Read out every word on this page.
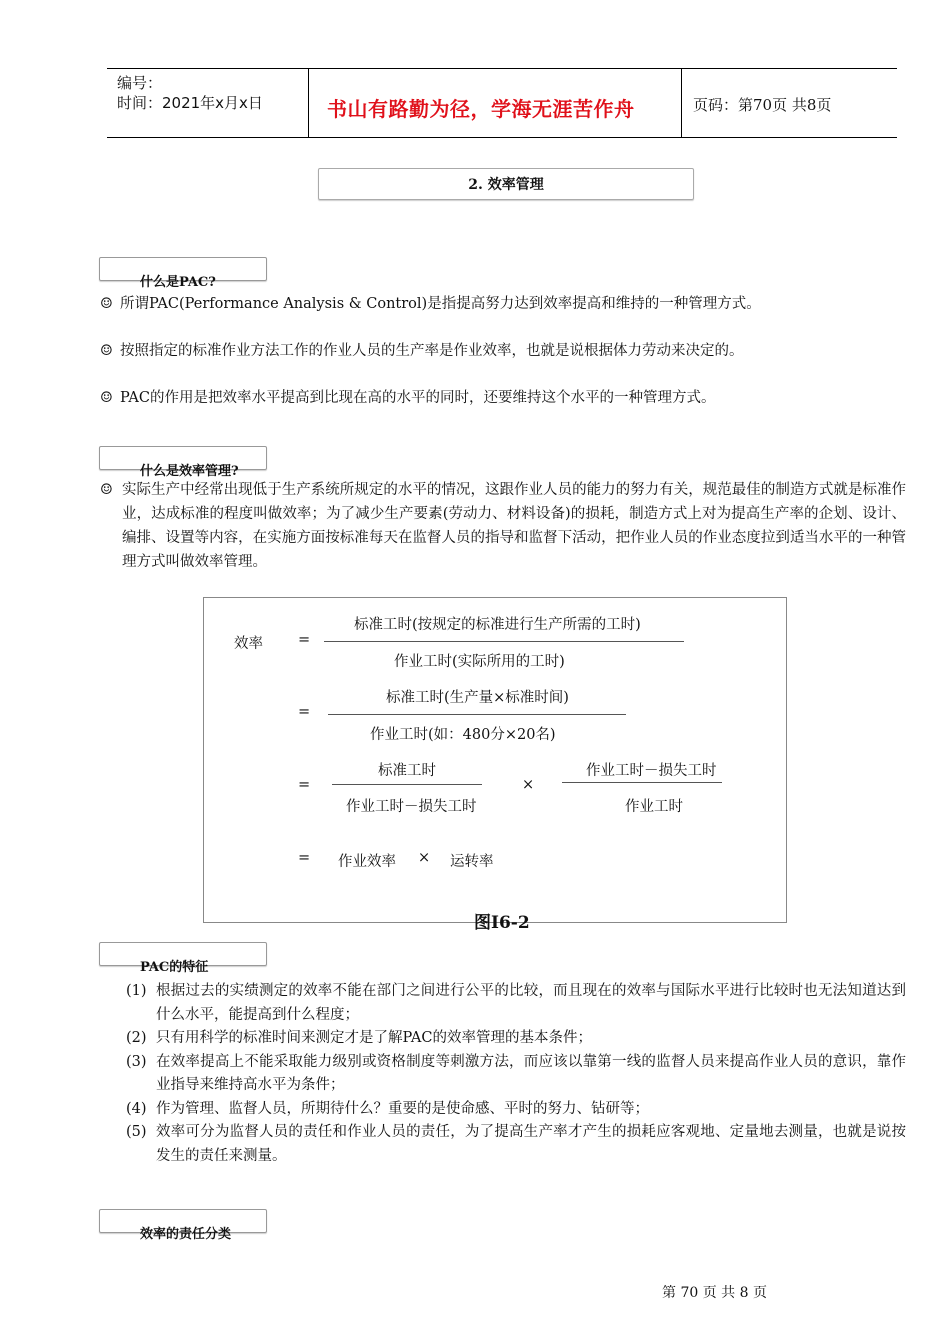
编号：
时间：2021年x月x日	书山有路勤为径，学海无涯苦作舟	页码：第70页 共8页
2. 效率管理
什么是PAC?
☺ 所谓PAC(Performance Analysis & Control)是指提高努力达到效率提高和维持的一种管理方式。
☺ 按照指定的标准作业方法工作的作业人员的生产率是作业效率，也就是说根据体力劳动来决定的。
☺ PAC的作用是把效率水平提高到比现在高的水平的同时，还要维持这个水平的一种管理方式。
什么是效率管理?
☺ 实际生产中经常出现低于生产系统所规定的水平的情况，这跟作业人员的能力的努力有关，规范最佳的制造方式就是标准作业，达成标准的程度叫做效率；为了减少生产要素(劳动力、材料设备)的损耗，制造方式上对为提高生产率的企划、设计、编排、设置等内容，在实施方面按标准每天在监督人员的指导和监督下活动，把作业人员的作业态度拉到适当水平的一种管理方式叫做效率管理。
效率 =
标准工时(按规定的标准进行生产所需的工时)
作业工时(实际所用的工时)
=
标准工时(生产量×标准时间)
作业工时(如：480分×20名)
=
标准工时
作业工时－损失工时
×
作业工时－损失工时
作业工时
= 作业效率 × 运转率
图I6-2
PAC的特征
(1) 根据过去的实绩测定的效率不能在部门之间进行公平的比较，而且现在的效率与国际水平进行比较时也无法知道达到什么水平，能提高到什么程度；
(2) 只有用科学的标准时间来测定才是了解PAC的效率管理的基本条件；
(3) 在效率提高上不能采取能力级别或资格制度等刺激方法，而应该以靠第一线的监督人员来提高作业人员的意识，靠作业指导来维持高水平为条件；
(4) 作为管理、监督人员，所期待什么？重要的是使命感、平时的努力、钻研等；
(5) 效率可分为监督人员的责任和作业人员的责任，为了提高生产率才产生的损耗应客观地、定量地去测量，也就是说按发生的责任来测量。
效率的责任分类
第 70 页 共 8 页
